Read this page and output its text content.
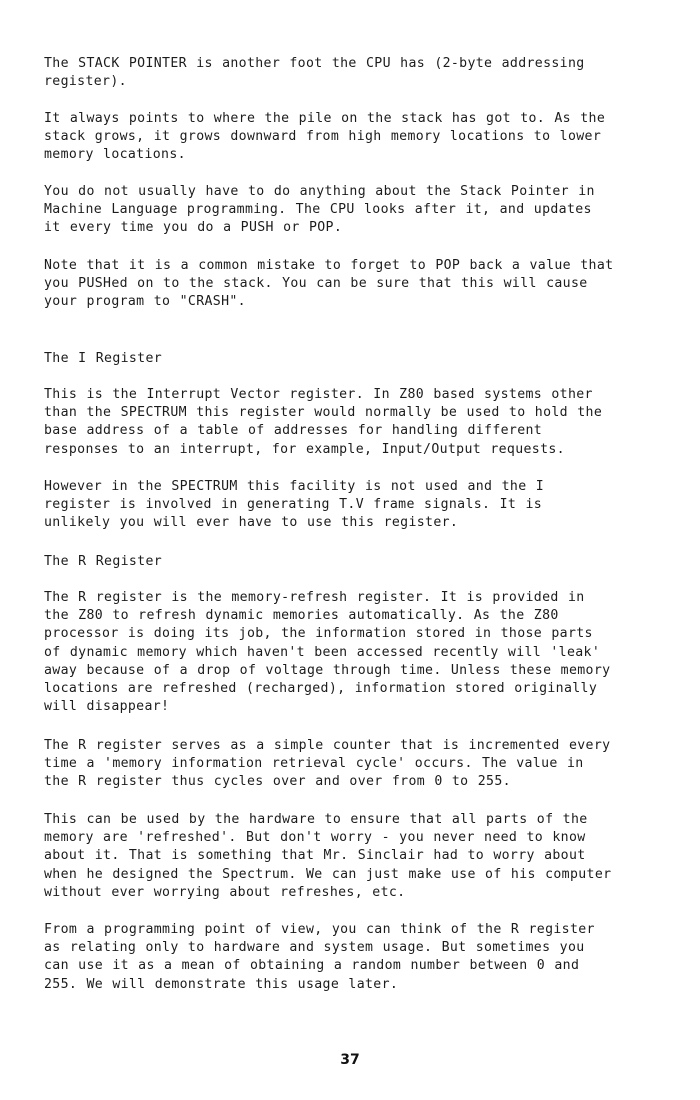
The STACK POINTER is another foot the CPU has (2-byte addressing
register).
It always points to where the pile on the stack has got to. As the
stack grows, it grows downward from high memory locations to lower
memory locations.
You do not usually have to do anything about the Stack Pointer in
Machine Language programming. The CPU looks after it, and updates
it every time you do a PUSH or POP.
Note that it is a common mistake to forget to POP back a value that
you PUSHed on to the stack. You can be sure that this will cause
your program to "CRASH".
The I Register
This is the Interrupt Vector register. In Z80 based systems other
than the SPECTRUM this register would normally be used to hold the
base address of a table of addresses for handling different
responses to an interrupt, for example, Input/Output requests.
However in the SPECTRUM this facility is not used and the I
register is involved in generating T.V frame signals. It is
unlikely you will ever have to use this register.
The R Register
The R register is the memory-refresh register. It is provided in
the Z80 to refresh dynamic memories automatically. As the Z80
processor is doing its job, the information stored in those parts
of dynamic memory which haven't been accessed recently will 'leak'
away because of a drop of voltage through time. Unless these memory
locations are refreshed (recharged), information stored originally
will disappear!
The R register serves as a simple counter that is incremented every
time a 'memory information retrieval cycle' occurs. The value in
the R register thus cycles over and over from 0 to 255.
This can be used by the hardware to ensure that all parts of the
memory are 'refreshed'. But don't worry - you never need to know
about it. That is something that Mr. Sinclair had to worry about
when he designed the Spectrum. We can just make use of his computer
without ever worrying about refreshes, etc.
From a programming point of view, you can think of the R register
as relating only to hardware and system usage. But sometimes you
can use it as a mean of obtaining a random number between 0 and
255. We will demonstrate this usage later.
37
